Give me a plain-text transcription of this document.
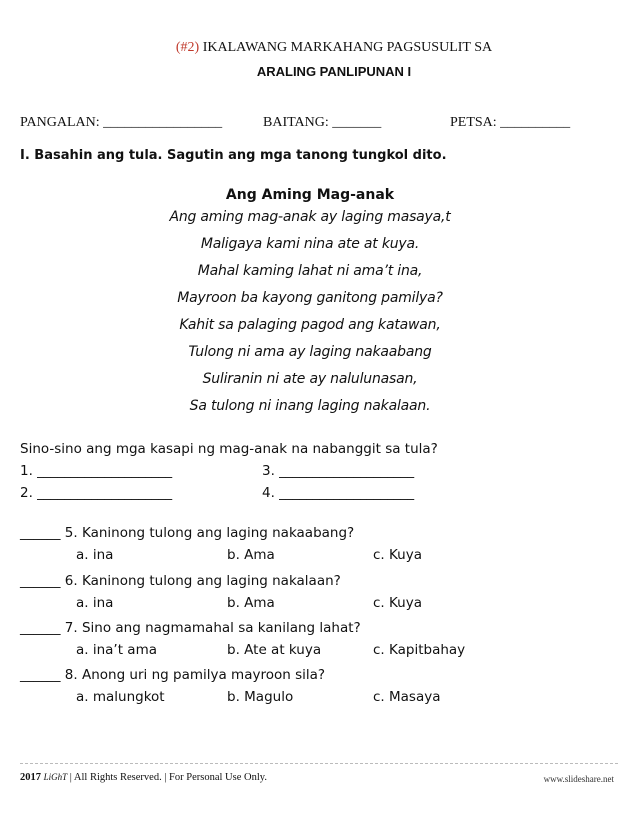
(#2) IKALAWANG MARKAHANG PAGSUSULIT SA
ARALING PANLIPUNAN I
PANGALAN: _________________	BAITANG: _______	PETSA: __________
I. Basahin ang tula. Sagutin ang mga tanong tungkol dito.
Ang Aming Mag-anak
Ang aming mag-anak ay laging masaya,t
Maligaya kami nina ate at kuya.
Mahal kaming lahat ni ama’t ina,
Mayroon ba kayong ganitong pamilya?
Kahit sa palaging pagod ang katawan,
Tulong ni ama ay laging nakaabang
Suliranin ni ate ay nalulunasan,
Sa tulong ni inang laging nakalaan.
Sino-sino ang mga kasapi ng mag-anak na nabanggit sa tula?
1. ____________________	3. ____________________
2. ____________________	4. ____________________
______ 5. Kaninong tulong ang laging nakaabang?
a. ina	b. Ama	c. Kuya
______ 6. Kaninong tulong ang laging nakalaan?
a. ina	b. Ama	c. Kuya
______ 7. Sino ang nagmamahal sa kanilang lahat?
a. ina’t ama	b. Ate at kuya	c. Kapitbahay
______ 8. Anong uri ng pamilya mayroon sila?
a. malungkot	b. Magulo	c. Masaya
2017 LiGhT | All Rights Reserved. | For Personal Use Only.	www.slideshare.net
